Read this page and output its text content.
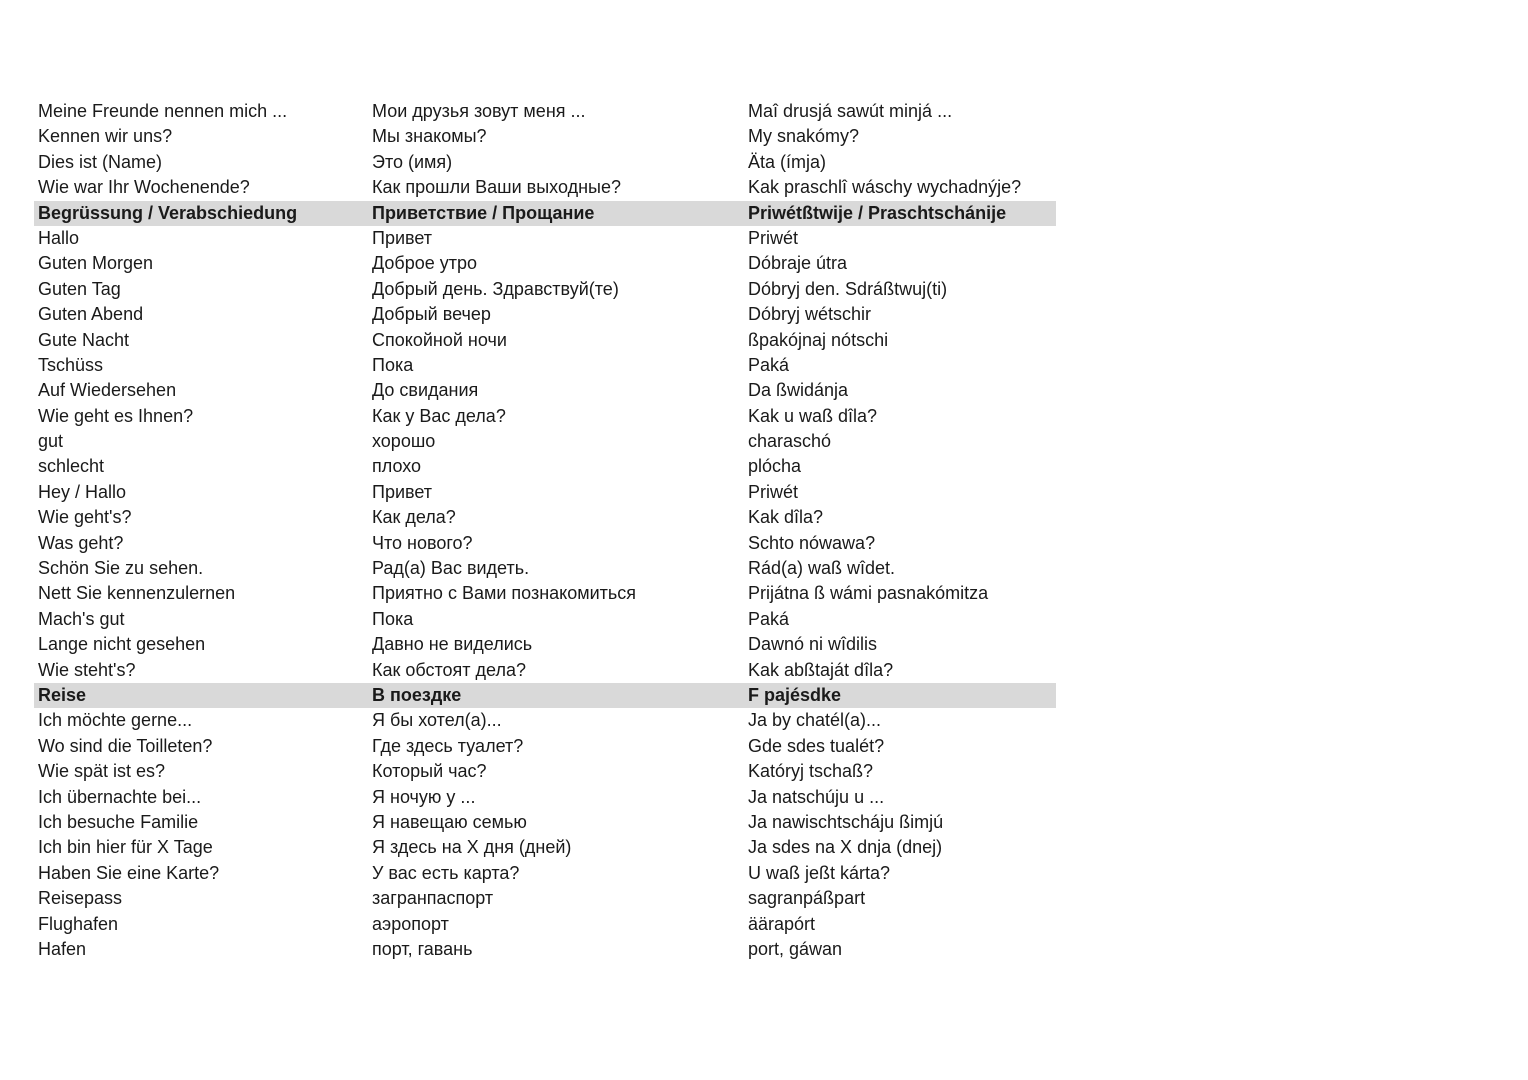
Meine Freunde nennen mich ...	Мои друзья зовут меня ...	Maî drusjá sawút minjá ...
Kennen wir uns?	Мы знакомы?	My snakómy?
Dies ist (Name)	Это (имя)	Äta (ímja)
Wie war Ihr Wochenende?	Как прошли Ваши выходные?	Kak praschlî wáschy wychadnýje?
Begrüssung / Verabschiedung	Приветствие / Прощание	Priwétßtwije / Praschtschánije
Hallo	Привет	Priwét
Guten Morgen	Доброе утро	Dóbraje útra
Guten Tag	Добрый день. Здравствуй(те)	Dóbryj den. Sdráßtwuj(ti)
Guten Abend	Добрый вечер	Dóbryj wétschir
Gute Nacht	Спокойной ночи	ßpakójnaj nótschi
Tschüss	Пока	Paká
Auf Wiedersehen	До свидания	Da ßwidánja
Wie geht es Ihnen?	Как у Вас дела?	Kak u waß dîla?
gut	хорошо	charaschó
schlecht	плохо	plócha
Hey / Hallo	Привет	Priwét
Wie geht's?	Как дела?	Kak dîla?
Was geht?	Что нового?	Schto nówawa?
Schön Sie zu sehen.	Рад(а) Вас видеть.	Rád(a) waß wîdet.
Nett Sie kennenzulernen	Приятно с Вами познакомиться	Prijátna ß wámi pasnakómitza
Mach's gut	Пока	Paká
Lange nicht gesehen	Давно не виделись	Dawnó ni wîdilis
Wie steht's?	Как обстоят дела?	Kak abßtaját dîla?
Reise	В поездке	F pajésdke
Ich möchte gerne...	Я бы хотел(а)...	Ja by chatél(a)...
Wo sind die Toilleten?	Где здесь туалет?	Gde sdes tualét?
Wie spät ist es?	Который час?	Katóryj tschaß?
Ich übernachte bei...	Я ночую у ...	Ja natschúju u ...
Ich besuche Familie	Я навещаю семью	Ja nawischtscháju ßimjú
Ich bin hier für X Tage	Я здесь на X дня (дней)	Ja sdes na X dnja (dnej)
Haben Sie eine Karte?	У вас есть карта?	U waß jeßt kárta?
Reisepass	загранпаспорт	sagranpáßpart
Flughafen	аэропорт	äärapórt
Hafen	порт, гавань	port, gáwan
